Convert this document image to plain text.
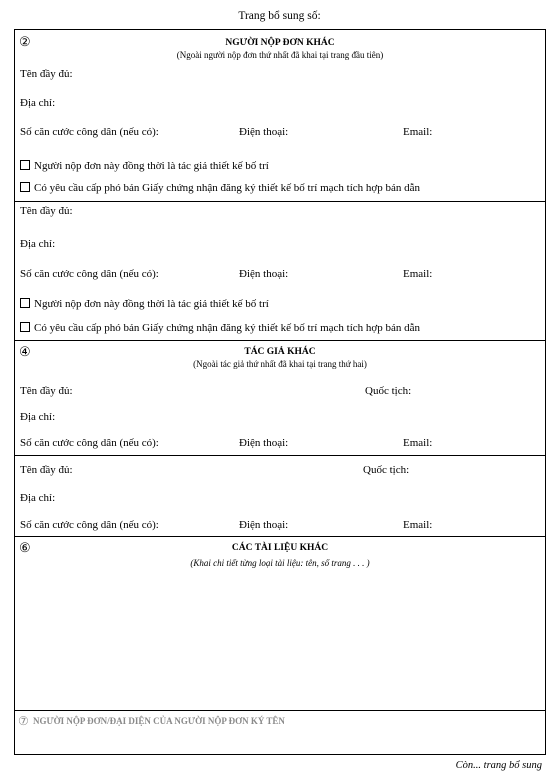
Trang bổ sung số:
②	NGƯỜI NỘP ĐƠN KHÁC
(Ngoài người nộp đơn thứ nhất đã khai tại trang đầu tiên)
Tên đầy đủ:
Địa chỉ:
Số căn cước công dân (nếu có):	Điện thoại:	Email:
Người nộp đơn này đồng thời là tác giả thiết kế bố trí
Có yêu cầu cấp phó bản Giấy chứng nhận đăng ký thiết kế bố trí mạch tích hợp bán dẫn
Tên đầy đủ:
Địa chỉ:
Số căn cước công dân (nếu có):	Điện thoại:	Email:
Người nộp đơn này đồng thời là tác giả thiết kế bố trí
Có yêu cầu cấp phó bản Giấy chứng nhận đăng ký thiết kế bố trí mạch tích hợp bán dẫn
④	TÁC GIẢ KHÁC
(Ngoài tác giả thứ nhất đã khai tại trang thứ hai)
Tên đầy đủ:	Quốc tịch:
Địa chỉ:
Số căn cước công dân (nếu có):	Điện thoại:	Email:
Tên đầy đủ:	Quốc tịch:
Địa chỉ:
Số căn cước công dân (nếu có):	Điện thoại:	Email:
⑥	CÁC TÀI LIỆU KHÁC
(Khai chi tiết từng loại tài liệu: tên, số trang . . . )
⑦ NGƯỜI NỘP ĐƠN/ĐẠI DIỆN CỦA NGƯỜI NỘP ĐƠN KÝ TÊN
Còn... trang bổ sung
